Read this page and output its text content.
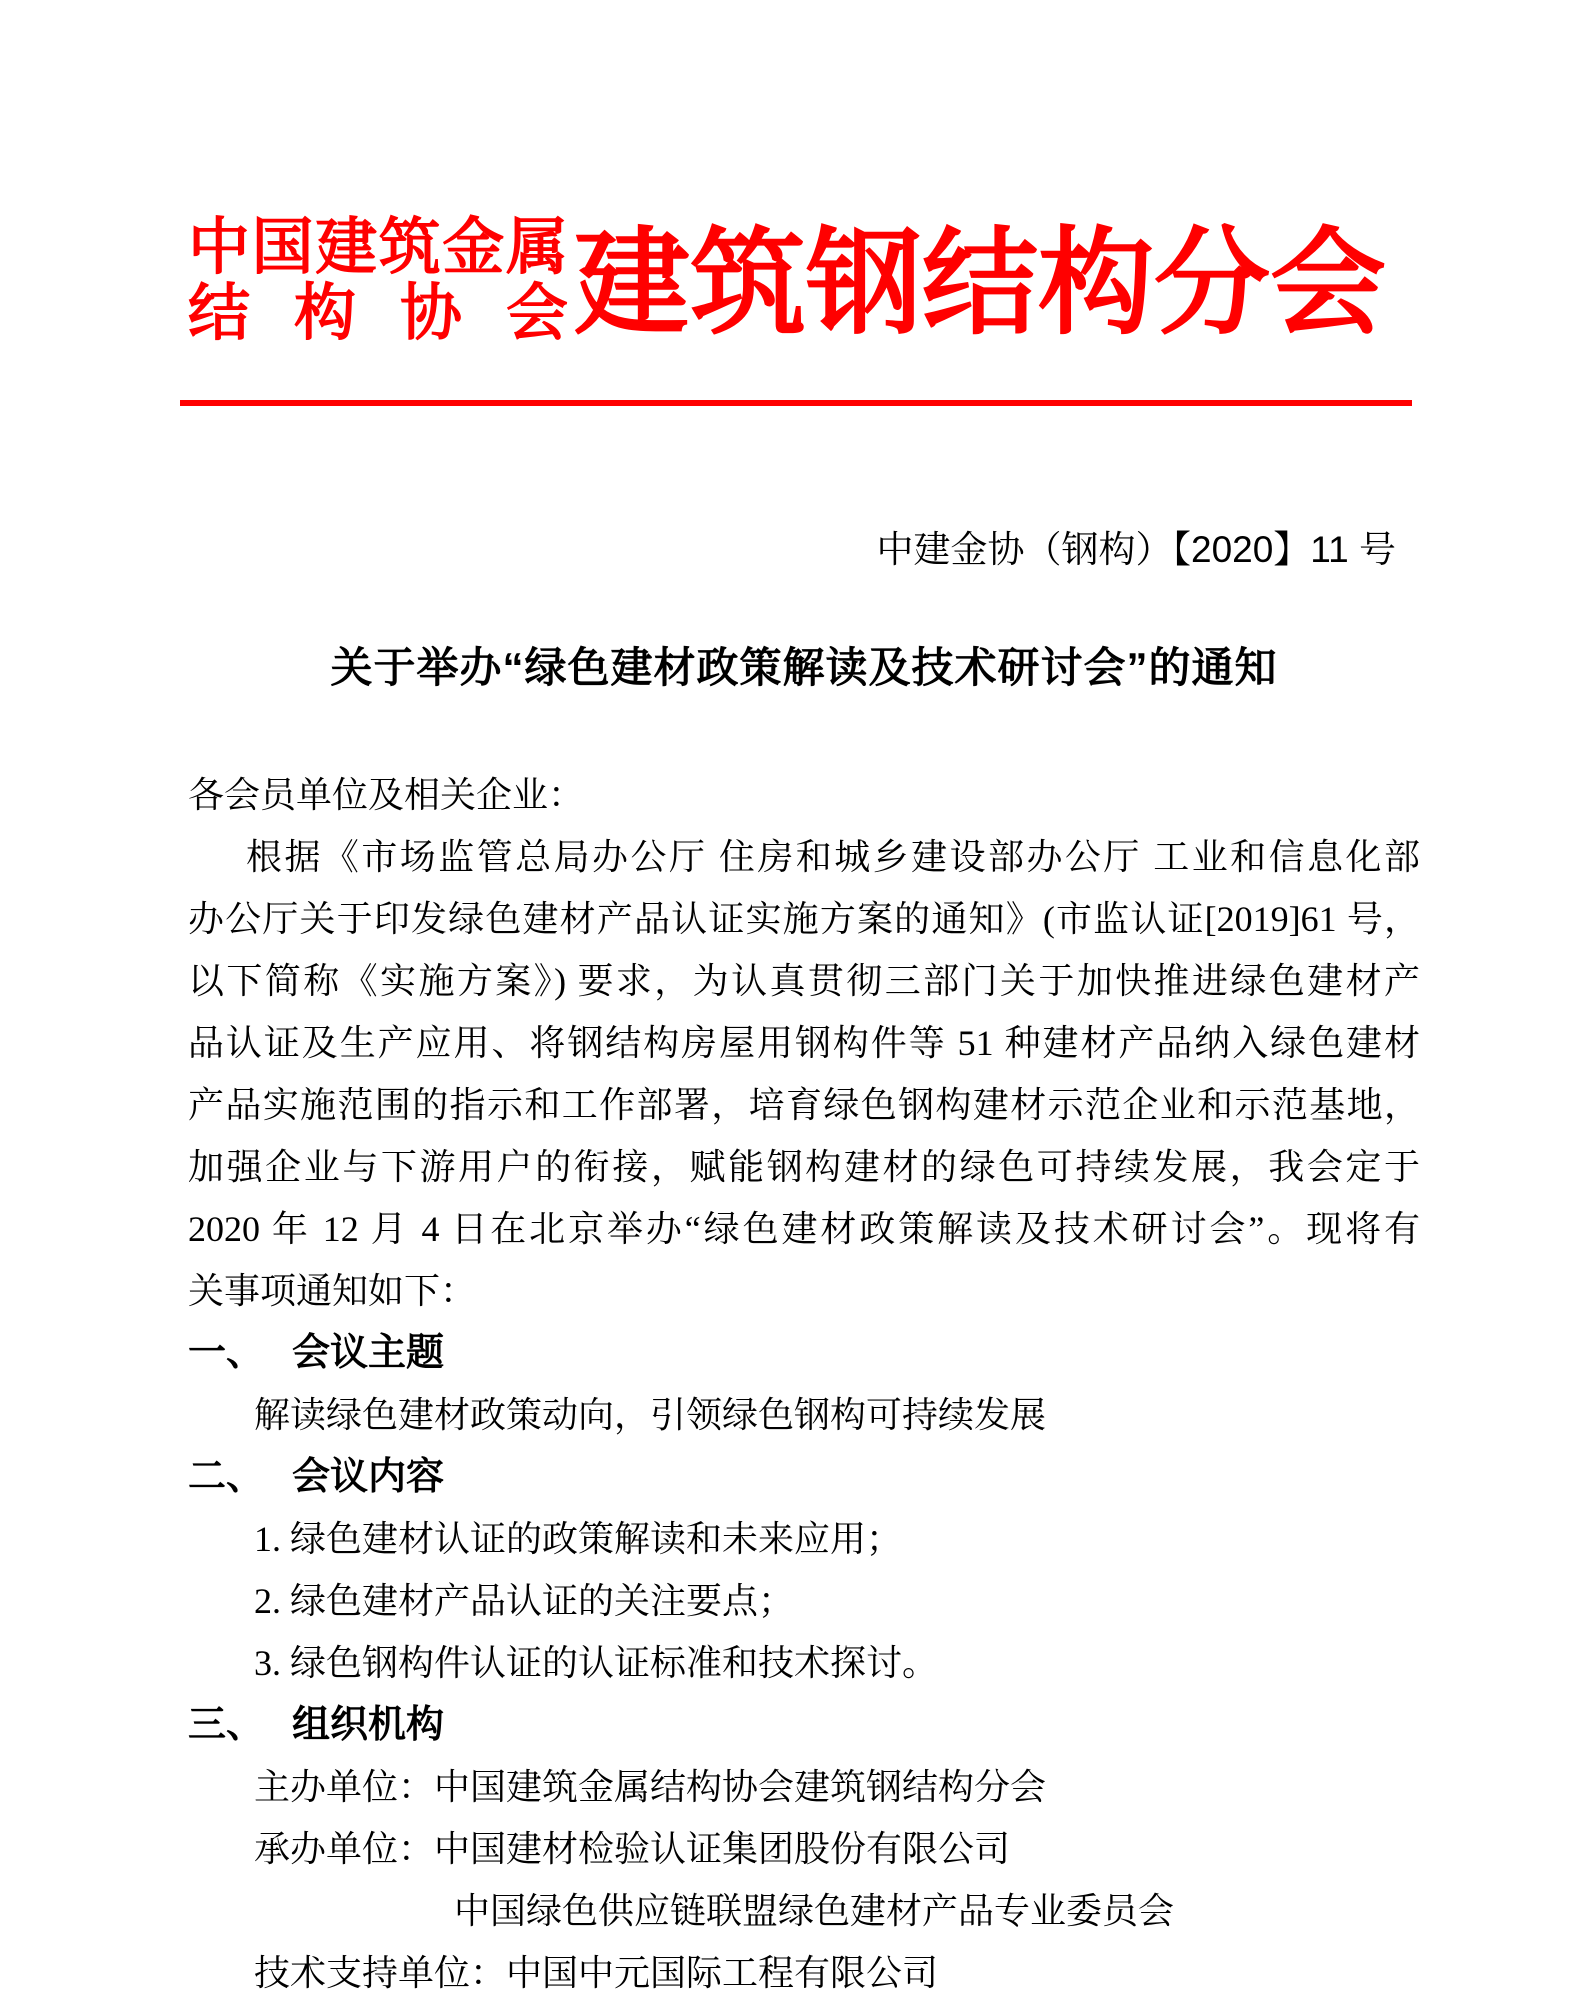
中国建筑金属
结构协会 建筑钢结构分会
中建金协（钢构）【2020】11 号
关于举办“绿色建材政策解读及技术研讨会”的通知
各会员单位及相关企业：
根据《市场监管总局办公厅 住房和城乡建设部办公厅 工业和信息化部
办公厅关于印发绿色建材产品认证实施方案的通知》(市监认证[2019]61 号，
以下简称《实施方案》) 要求，为认真贯彻三部门关于加快推进绿色建材产
品认证及生产应用、将钢结构房屋用钢构件等 51 种建材产品纳入绿色建材
产品实施范围的指示和工作部署，培育绿色钢构建材示范企业和示范基地，
加强企业与下游用户的衔接，赋能钢构建材的绿色可持续发展，我会定于
2020 年 12 月 4 日在北京举办“绿色建材政策解读及技术研讨会”。现将有
关事项通知如下：
一、 会议主题
解读绿色建材政策动向，引领绿色钢构可持续发展
二、 会议内容
1. 绿色建材认证的政策解读和未来应用；
2. 绿色建材产品认证的关注要点；
3. 绿色钢构件认证的认证标准和技术探讨。
三、 组织机构
主办单位：中国建筑金属结构协会建筑钢结构分会
承办单位：中国建材检验认证集团股份有限公司
中国绿色供应链联盟绿色建材产品专业委员会
技术支持单位：中国中元国际工程有限公司
